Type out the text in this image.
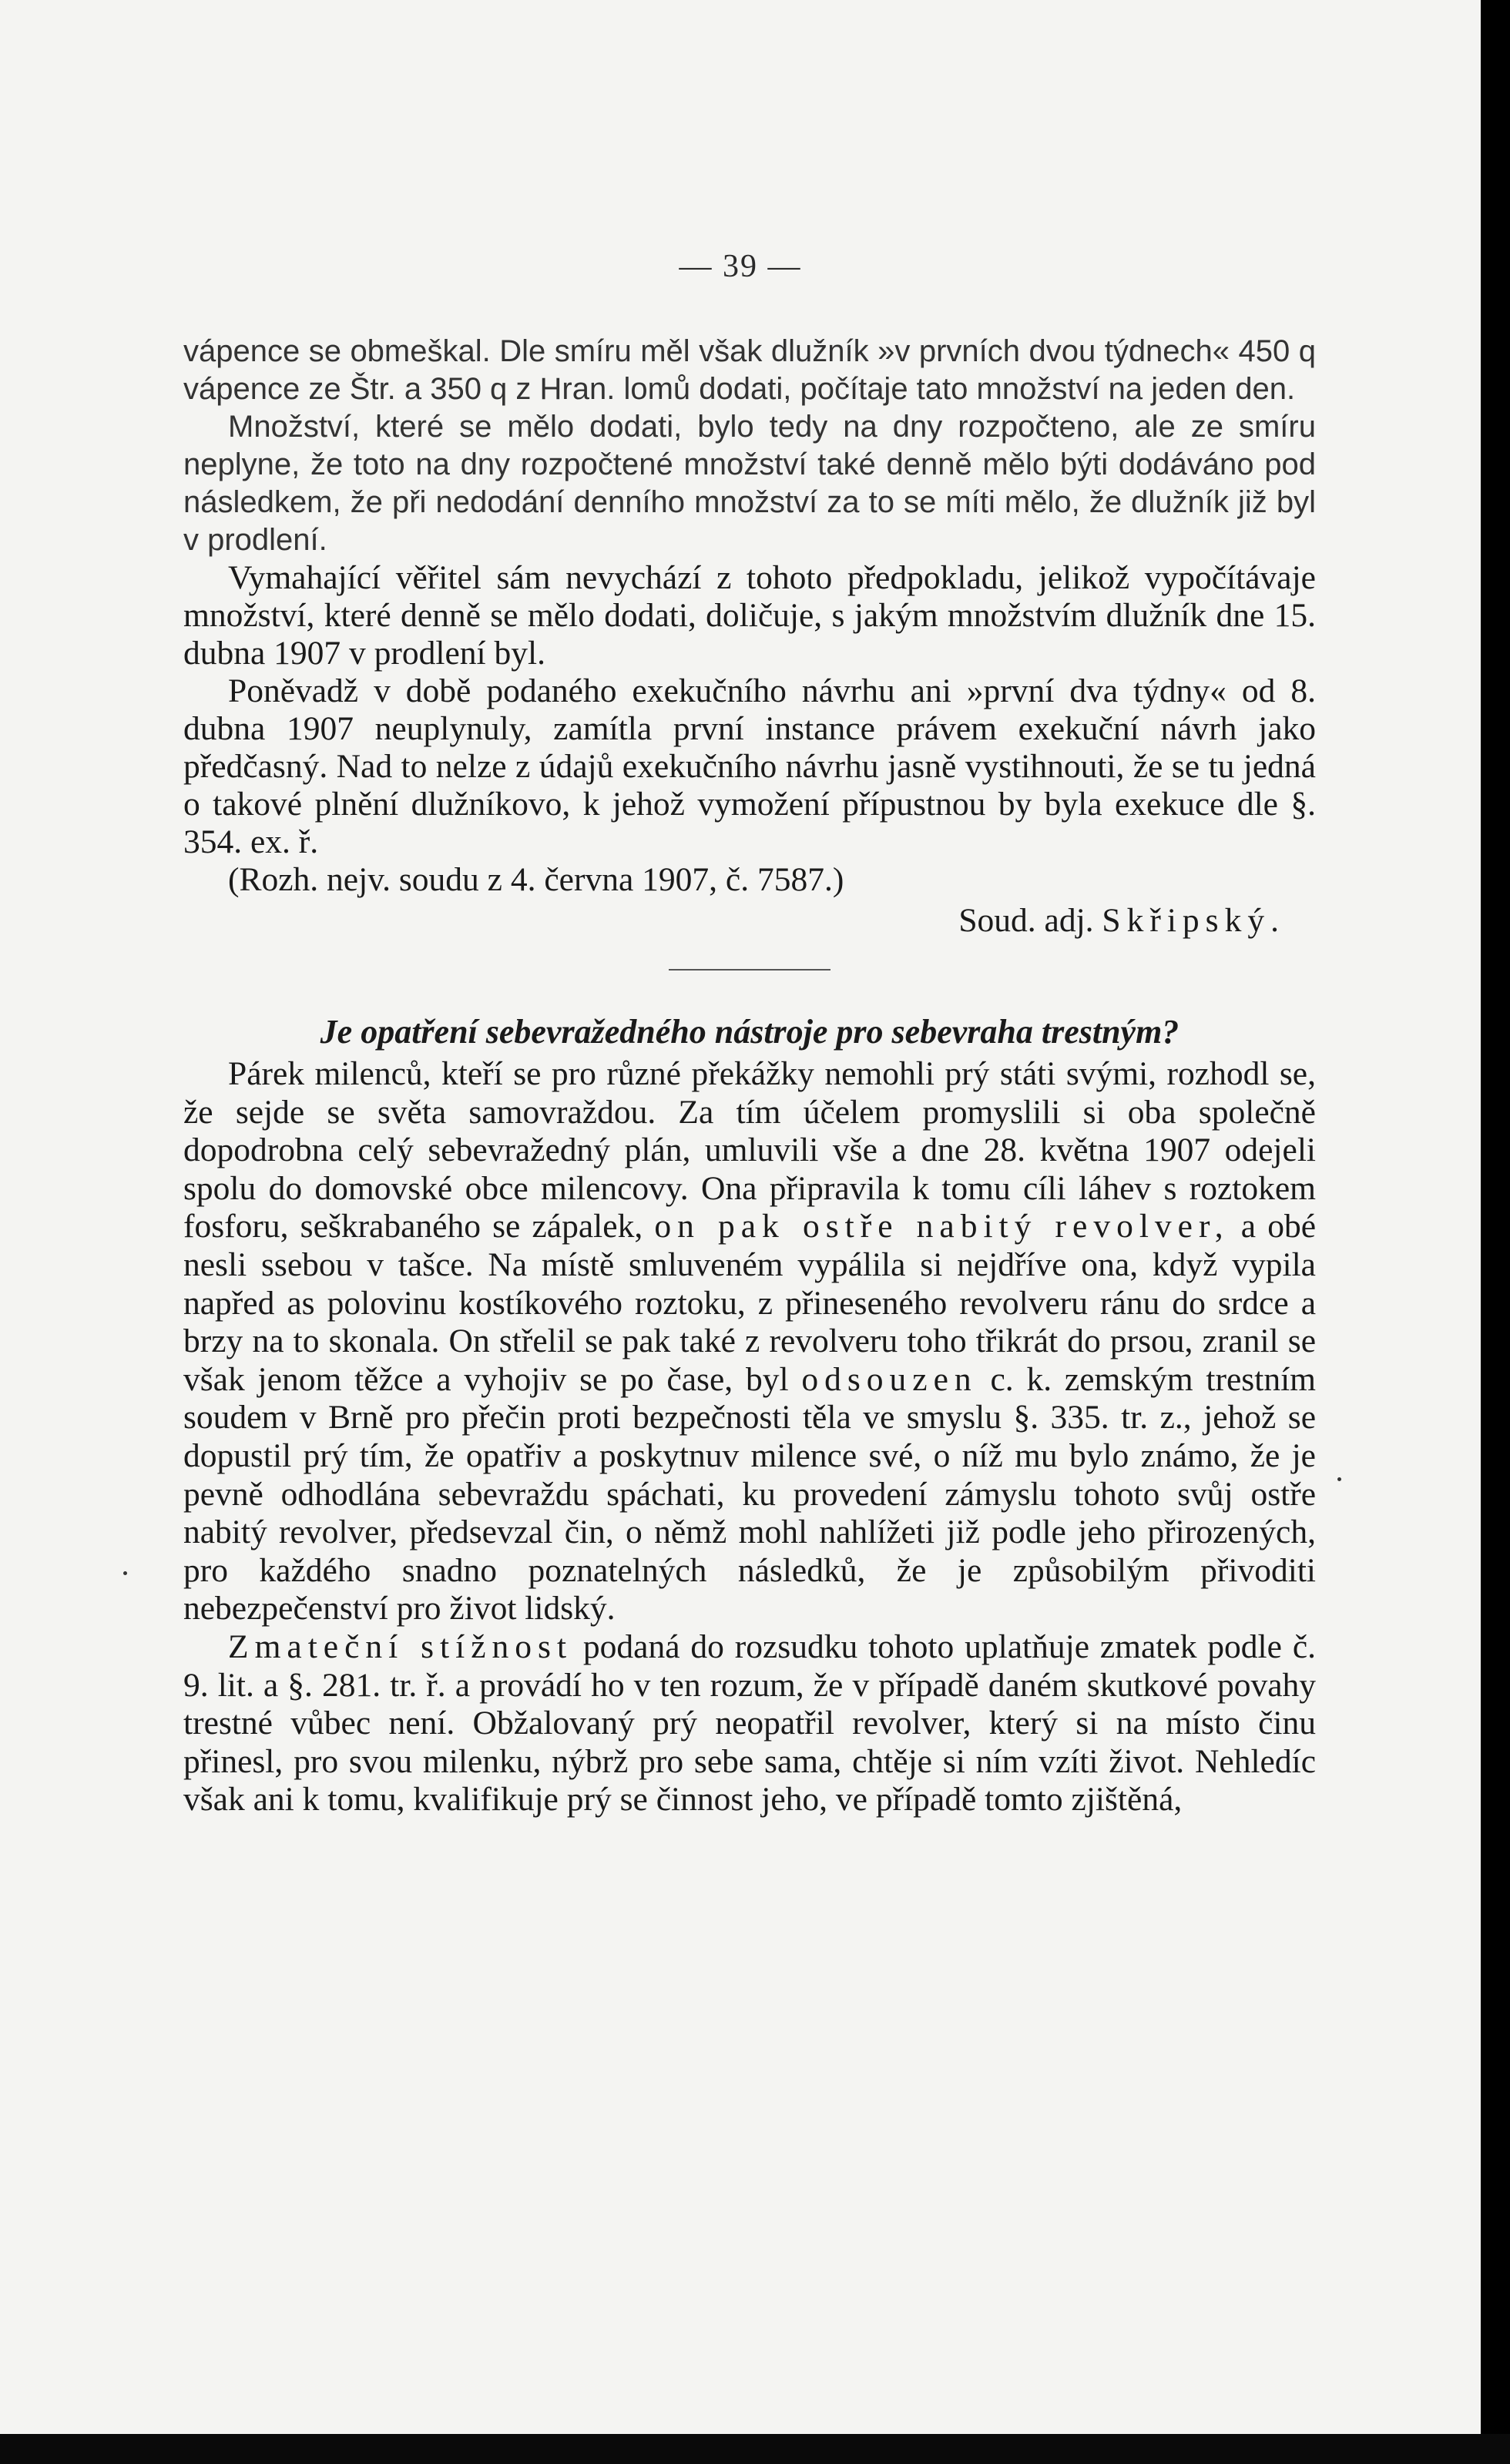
— 39 —

vápence se obmeškal. Dle smíru měl však dlužník »v prvních dvou týdnech« 450 q vápence ze Štr. a 350 q z Hran. lomů dodati, počítaje tato množství na jeden den.

Množství, které se mělo dodati, bylo tedy na dny rozpočteno, ale ze smíru neplyne, že toto na dny rozpočtené množství také denně mělo býti dodáváno pod následkem, že při nedodání denního množství za to se míti mělo, že dlužník již byl v prodlení.

Vymahající věřitel sám nevychází z tohoto předpokladu, jelikož vypočítávaje množství, které denně se mělo dodati, doličuje, s jakým množstvím dlužník dne 15. dubna 1907 v prodlení byl.

Poněvadž v době podaného exekučního návrhu ani »první dva týdny« od 8. dubna 1907 neuplynuly, zamítla první instance právem exekuční návrh jako předčasný. Nad to nelze z údajů exekučního návrhu jasně vystihnouti, že se tu jedná o takové plnění dlužníkovo, k jehož vymožení přípustnou by byla exekuce dle §. 354. ex. ř.

(Rozh. nejv. soudu z 4. června 1907, č. 7587.)

Soud. adj. Skřipský.

Je opatření sebevražedného nástroje pro sebevraha trestným?

Párek milenců, kteří se pro různé překážky nemohli prý státi svými, rozhodl se, že sejde se světa samovraždou. Za tím účelem promyslili si oba společně dopodrobna celý sebevražedný plán, umluvili vše a dne 28. května 1907 odejeli spolu do domovské obce milencovy. Ona připravila k tomu cíli láhev s roztokem fosforu, seškrabaného se zápalek, on pak ostře nabitý revolver, a obé nesli ssebou v tašce. Na místě smluveném vypálila si nejdříve ona, když vypila napřed as polovinu kostíkového roztoku, z přineseného revolveru ránu do srdce a brzy na to skonala. On střelil se pak také z revolveru toho třikrát do prsou, zranil se však jenom těžce a vyhojiv se po čase, byl odsouzen c. k. zemským trestním soudem v Brně pro přečin proti bezpečnosti těla ve smyslu §. 335. tr. z., jehož se dopustil prý tím, že opatřiv a poskytnuv milence své, o níž mu bylo známo, že je pevně odhodlána sebevraždu spáchati, ku provedení zámyslu tohoto svůj ostře nabitý revolver, předsevzal čin, o němž mohl nahlížeti již podle jeho přirozených, pro každého snadno poznatelných následků, že je způsobilým přivoditi nebezpečenství pro život lidský.

Zmateční stížnost podaná do rozsudku tohoto uplatňuje zmatek podle č. 9. lit. a §. 281. tr. ř. a provádí ho v ten rozum, že v případě daném skutkové povahy trestné vůbec není. Obžalovaný prý neopatřil revolver, který si na místo činu přinesl, pro svou milenku, nýbrž pro sebe sama, chtěje si ním vzíti život. Nehledíc však ani k tomu, kvalifikuje prý se činnost jeho, ve případě tomto zjištěná,
